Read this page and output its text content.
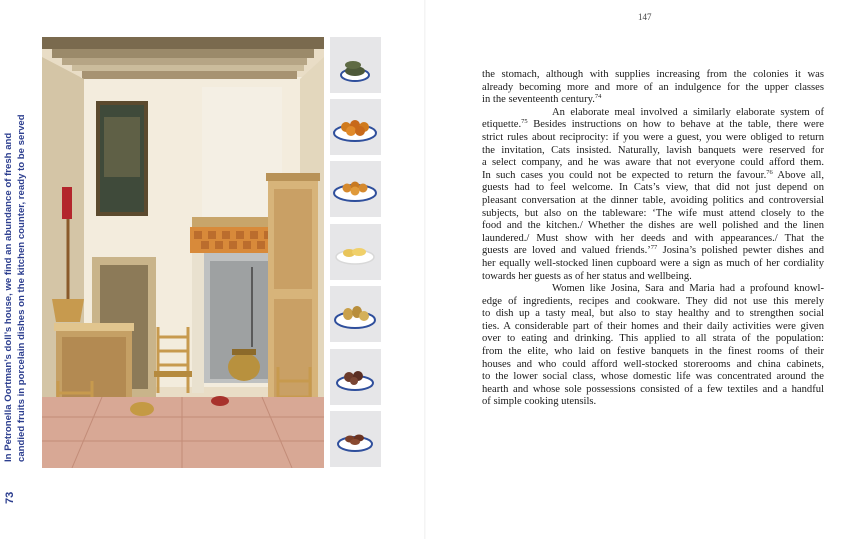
In Petronella Oortman’s doll’s house, we find an abundance of fresh and candied fruits in porcelain dishes on the kitchen counter, ready to be served
73
147

the stomach, although with supplies increasing from the colonies it was
already becoming more and more of an indulgence for the upper classes
in the seventeenth century.$^{74}$

An elaborate meal involved a similarly elaborate system of
etiquette.$^{75}$ Besides instructions on how to behave at the table, there were
strict rules about reciprocity: if you were a guest, you were obliged to return
the invitation, Cats insisted. Naturally, lavish banquets were reserved for
a select company, and he was aware that not everyone could afford them.
In such cases you could not be expected to return the favour.$^{76}$ Above all,
guests had to feel welcome. In Cats’s view, that did not just depend on
pleasant conversation at the dinner table, avoiding politics and controversial
subjects, but also on the tableware: ‘The wife must attend closely to the
food and the kitchen./ Whether the dishes are well polished and the linen
laundered./ Must show with her deeds and with appearances./ That the
guests are loved and valued friends.’$^{77}$ Josina’s polished pewter dishes and
her equally well-stocked linen cupboard were a sign as much of her cordiality
towards her guests as of her status and wellbeing.

Women like Josina, Sara and Maria had a profound knowl-
edge of ingredients, recipes and cookware. They did not use this merely
to dish up a tasty meal, but also to stay healthy and to strengthen social
ties. A considerable part of their homes and their daily activities were given
over to eating and drinking. This applied to all strata of the population:
from the elite, who laid on festive banquets in the finest rooms of their
houses and who could afford well-stocked storerooms and china cabinets,
to the lower social class, whose domestic life was concentrated around the
hearth and whose sole possessions consisted of a few textiles and a handful
of simple cooking utensils.
